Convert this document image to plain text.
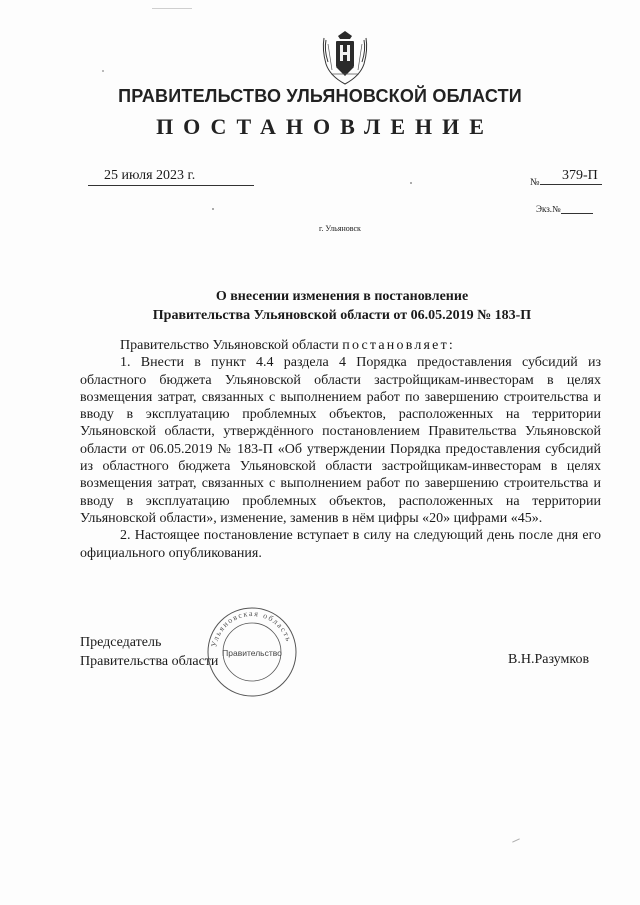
ПРАВИТЕЛЬСТВО УЛЬЯНОВСКОЙ ОБЛАСТИ
ПОСТАНОВЛЕНИЕ
25 июля 2023 г.	№	379-П
Экз.№
г. Ульяновск
О внесении изменения в постановление
Правительства Ульяновской области от 06.05.2019 № 183-П

Правительство Ульяновской области постановляет:

1. Внести в пункт 4.4 раздела 4 Порядка предоставления субсидий из областного бюджета Ульяновской области застройщикам-инвесторам в целях возмещения затрат, связанных с выполнением работ по завершению строительства и вводу в эксплуатацию проблемных объектов, расположенных на территории Ульяновской области, утверждённого постановлением Правительства Ульяновской области от 06.05.2019 № 183-П «Об утверждении Порядка предоставления субсидий из областного бюджета Ульяновской области застройщикам-инвесторам в целях возмещения затрат, связанных с выполнением работ по завершению строительства и вводу в эксплуатацию проблемных объектов, расположенных на территории Ульяновской области», изменение, заменив в нём цифры «20» цифрами «45».

2. Настоящее постановление вступает в силу на следующий день после дня его официального опубликования.

Председатель
Правительства области
Ульяновская область
Правительство	В.Н.Разумков
